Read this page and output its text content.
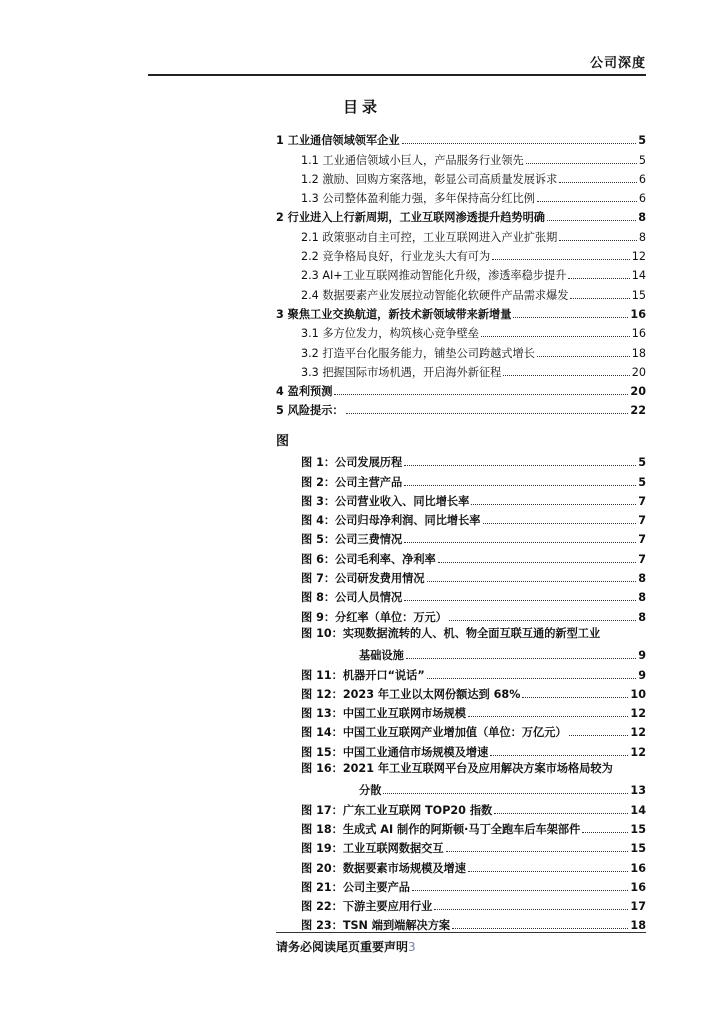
公司深度
目录
1 工业通信领域领军企业	5
1.1 工业通信领域小巨人，产品服务行业领先	5
1.2 激励、回购方案落地，彰显公司高质量发展诉求	6
1.3 公司整体盈利能力强，多年保持高分红比例	6
2 行业进入上行新周期，工业互联网渗透提升趋势明确	8
2.1 政策驱动自主可控，工业互联网进入产业扩张期	8
2.2 竞争格局良好，行业龙头大有可为	12
2.3 AI+工业互联网推动智能化升级，渗透率稳步提升	14
2.4 数据要素产业发展拉动智能化软硬件产品需求爆发	15
3 聚焦工业交换航道，新技术新领域带来新增量	16
3.1 多方位发力，构筑核心竞争壁垒	16
3.2 打造平台化服务能力，铺垫公司跨越式增长	18
3.3 把握国际市场机遇，开启海外新征程	20
4 盈利预测	20
5 风险提示：	22
图
图 1：公司发展历程	5
图 2：公司主营产品	5
图 3：公司营业收入、同比增长率	7
图 4：公司归母净利润、同比增长率	7
图 5：公司三费情况	7
图 6：公司毛利率、净利率	7
图 7：公司研发费用情况	8
图 8：公司人员情况	8
图 9：分红率（单位：万元）	8
图 10：实现数据流转的人、机、物全面互联互通的新型工业
基础设施	9
图 11：机器开口“说话”	9
图 12：2023 年工业以太网份额达到 68%	10
图 13：中国工业互联网市场规模	12
图 14：中国工业互联网产业增加值（单位：万亿元）	12
图 15：中国工业通信市场规模及增速	12
图 16：2021 年工业互联网平台及应用解决方案市场格局较为
分散	13
图 17：广东工业互联网 TOP20 指数	14
图 18：生成式 AI 制作的阿斯顿·马丁全跑车后车架部件	15
图 19：工业互联网数据交互	15
图 20：数据要素市场规模及增速	16
图 21：公司主要产品	16
图 22：下游主要应用行业	17
图 23：TSN 端到端解决方案	18
请务必阅读尾页重要声明3
